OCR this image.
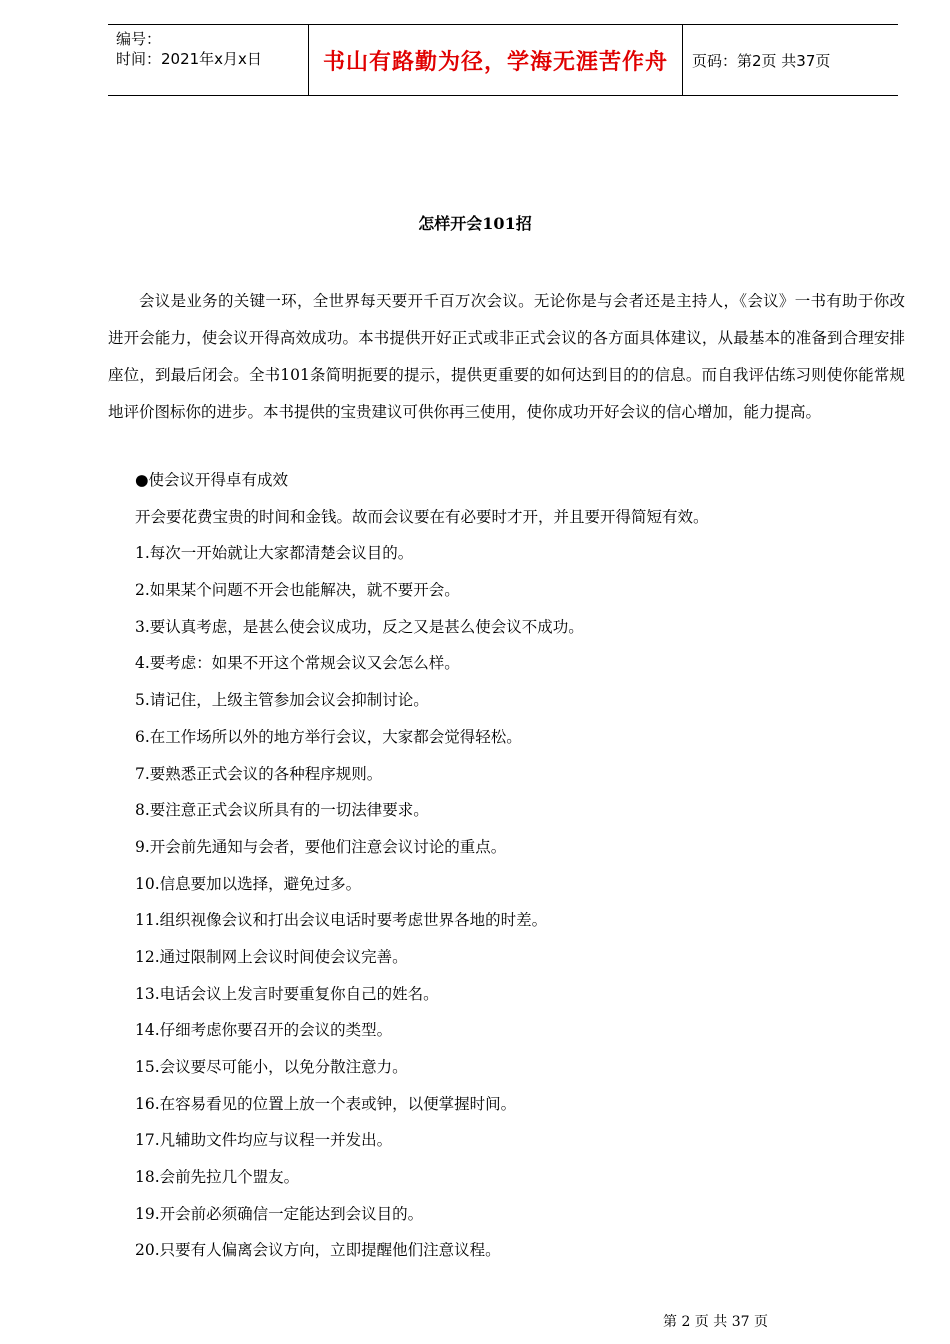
编号：
时间：2021年x月x日	书山有路勤为径，学海无涯苦作舟 页码：第2页 共37页
怎样开会101招

会议是业务的关键一环，全世界每天要开千百万次会议。无论你是与会者还是主持人，《会议》一书有助于你改进开会能力，使会议开得高效成功。本书提供开好正式或非正式会议的各方面具体建议，从最基本的准备到合理安排座位，到最后闭会。全书101条简明扼要的提示，提供更重要的如何达到目的的信息。而自我评估练习则使你能常规地评价图标你的进步。本书提供的宝贵建议可供你再三使用，使你成功开好会议的信心增加，能力提高。

●使会议开得卓有成效
开会要花费宝贵的时间和金钱。故而会议要在有必要时才开，并且要开得简短有效。
1.每次一开始就让大家都清楚会议目的。
2.如果某个问题不开会也能解决，就不要开会。
3.要认真考虑，是甚么使会议成功，反之又是甚么使会议不成功。
4.要考虑：如果不开这个常规会议又会怎么样。
5.请记住，上级主管参加会议会抑制讨论。
6.在工作场所以外的地方举行会议，大家都会觉得轻松。
7.要熟悉正式会议的各种程序规则。
8.要注意正式会议所具有的一切法律要求。
9.开会前先通知与会者，要他们注意会议讨论的重点。
10.信息要加以选择，避免过多。
11.组织视像会议和打出会议电话时要考虑世界各地的时差。
12.通过限制网上会议时间使会议完善。
13.电话会议上发言时要重复你自己的姓名。
14.仔细考虑你要召开的会议的类型。
15.会议要尽可能小，以免分散注意力。
16.在容易看见的位置上放一个表或钟，以便掌握时间。
17.凡辅助文件均应与议程一并发出。
18.会前先拉几个盟友。
19.开会前必须确信一定能达到会议目的。
20.只要有人偏离会议方向，立即提醒他们注意议程。
第 2 页 共 37 页
